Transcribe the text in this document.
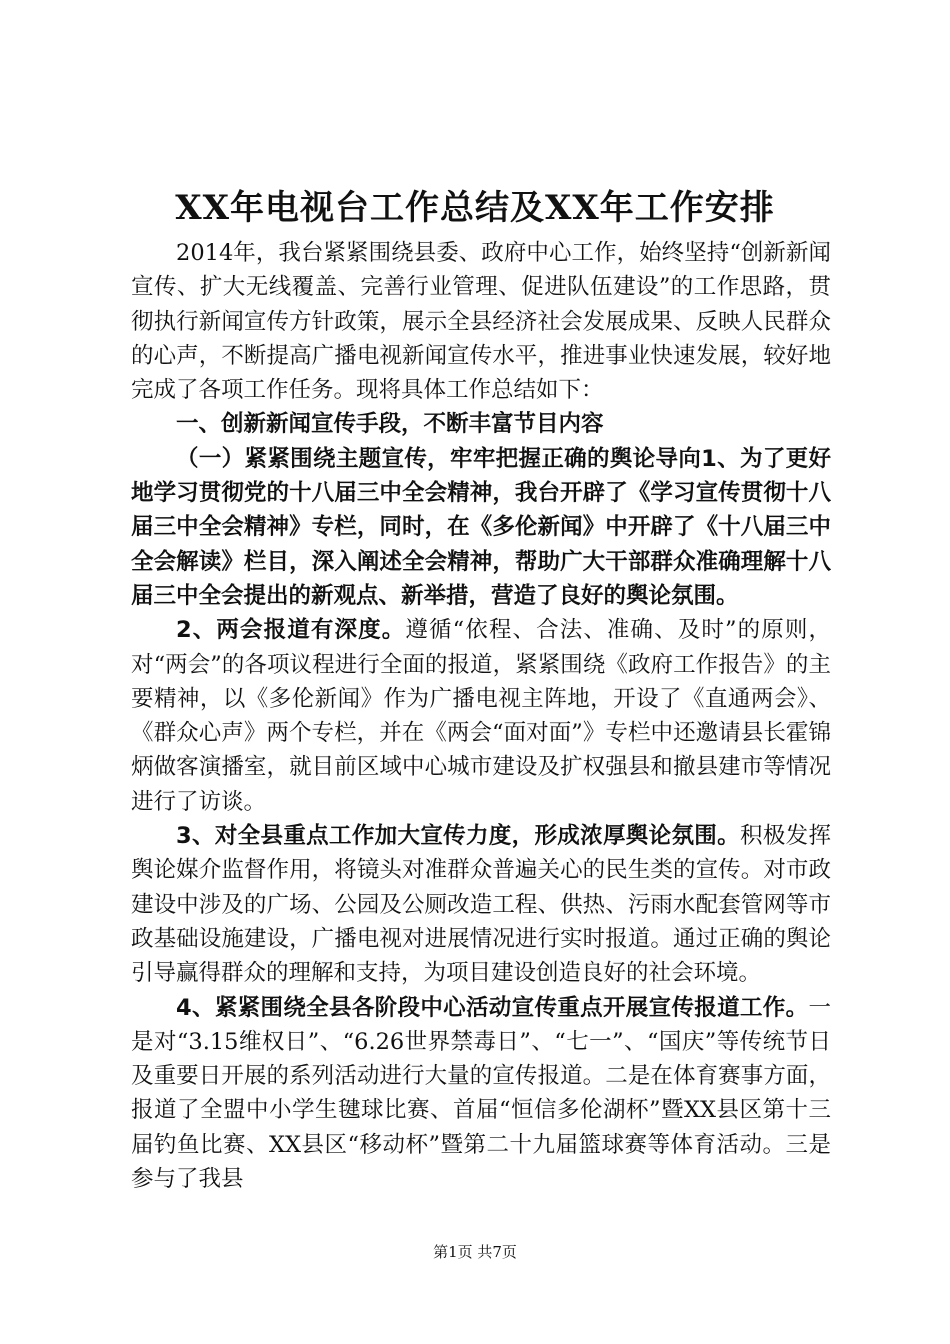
XX年电视台工作总结及XX年工作安排

2014年，我台紧紧围绕县委、政府中心工作，始终坚持“创新新闻宣传、扩大无线覆盖、完善行业管理、促进队伍建设”的工作思路，贯彻执行新闻宣传方针政策，展示全县经济社会发展成果、反映人民群众的心声，不断提高广播电视新闻宣传水平，推进事业快速发展，较好地完成了各项工作任务。现将具体工作总结如下：

一、创新新闻宣传手段，不断丰富节目内容

（一）紧紧围绕主题宣传，牢牢把握正确的舆论导向1、为了更好地学习贯彻党的十八届三中全会精神，我台开辟了《学习宣传贯彻十八届三中全会精神》专栏，同时，在《多伦新闻》中开辟了《十八届三中全会解读》栏目，深入阐述全会精神，帮助广大干部群众准确理解十八届三中全会提出的新观点、新举措，营造了良好的舆论氛围。

2、两会报道有深度。遵循“依程、合法、准确、及时”的原则，对“两会”的各项议程进行全面的报道，紧紧围绕《政府工作报告》的主要精神，以《多伦新闻》作为广播电视主阵地，开设了《直通两会》、《群众心声》两个专栏，并在《两会“面对面”》专栏中还邀请县长霍锦炳做客演播室，就目前区域中心城市建设及扩权强县和撤县建市等情况进行了访谈。

3、对全县重点工作加大宣传力度，形成浓厚舆论氛围。积极发挥舆论媒介监督作用，将镜头对准群众普遍关心的民生类的宣传。对市政建设中涉及的广场、公园及公厕改造工程、供热、污雨水配套管网等市政基础设施建设，广播电视对进展情况进行实时报道。通过正确的舆论引导赢得群众的理解和支持，为项目建设创造良好的社会环境。

4、紧紧围绕全县各阶段中心活动宣传重点开展宣传报道工作。一是对“3.15维权日”、“6.26世界禁毒日”、“七一”、“国庆”等传统节日及重要日开展的系列活动进行大量的宣传报道。二是在体育赛事方面，报道了全盟中小学生毽球比赛、首届“恒信多伦湖杯”暨XX县区第十三届钓鱼比赛、XX县区“移动杯”暨第二十九届篮球赛等体育活动。三是参与了我县

第1页 共7页
